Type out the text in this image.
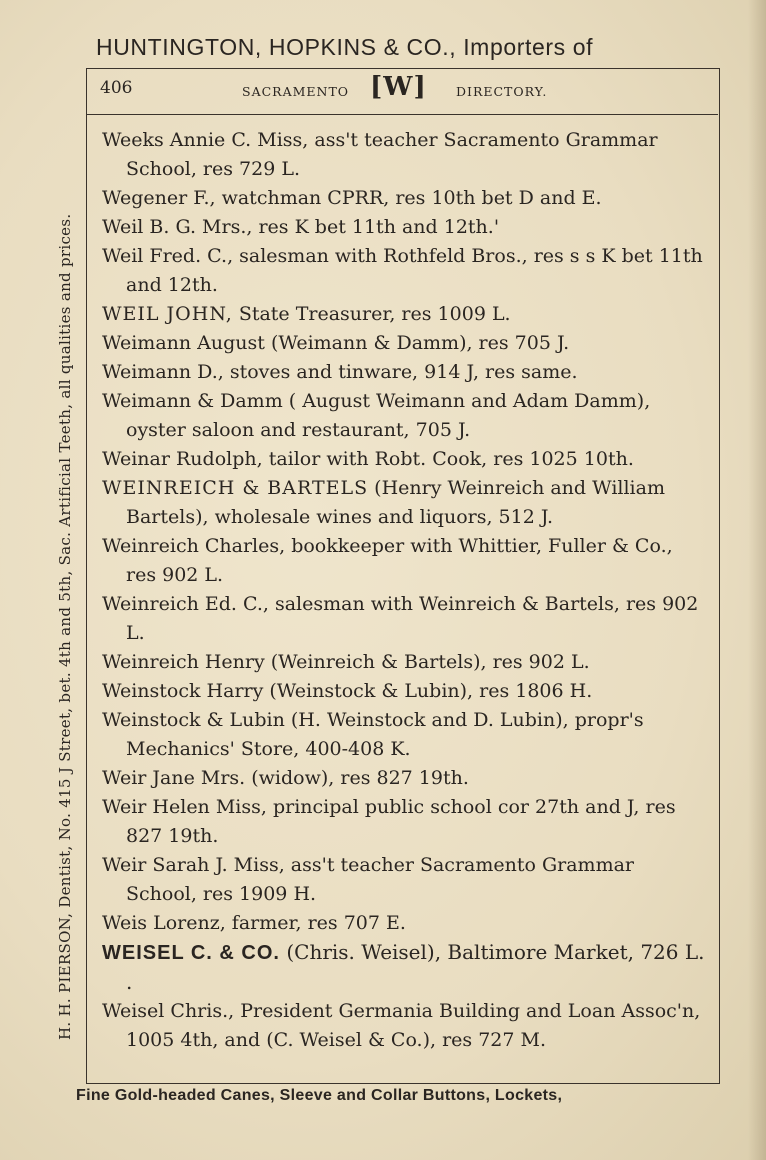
HUNTINGTON, HOPKINS & CO., Importers of
406	SACRAMENTO [W] DIRECTORY.
H. H. PIERSON, Dentist, No. 415 J Street, bet. 4th and 5th, Sac. Artificial Teeth, all qualities and prices.
Weeks Annie C. Miss, ass't teacher Sacramento Grammar School, res 729 L.
Wegener F., watchman CPRR, res 10th bet D and E.
Weil B. G. Mrs., res K bet 11th and 12th.'
Weil Fred. C., salesman with Rothfeld Bros., res s s K bet 11th and 12th.
WEIL JOHN, State Treasurer, res 1009 L.
Weimann August (Weimann & Damm), res 705 J.
Weimann D., stoves and tinware, 914 J, res same.
Weimann & Damm ( August Weimann and Adam Damm), oyster saloon and restaurant, 705 J.
Weinar Rudolph, tailor with Robt. Cook, res 1025 10th.
WEINREICH & BARTELS (Henry Weinreich and William Bartels), wholesale wines and liquors, 512 J.
Weinreich Charles, bookkeeper with Whittier, Fuller & Co., res 902 L.
Weinreich Ed. C., salesman with Weinreich & Bartels, res 902 L.
Weinreich Henry (Weinreich & Bartels), res 902 L.
Weinstock Harry (Weinstock & Lubin), res 1806 H.
Weinstock & Lubin (H. Weinstock and D. Lubin), propr's Mechanics' Store, 400-408 K.
Weir Jane Mrs. (widow), res 827 19th.
Weir Helen Miss, principal public school cor 27th and J, res 827 19th.
Weir Sarah J. Miss, ass't teacher Sacramento Grammar School, res 1909 H.
Weis Lorenz, farmer, res 707 E.
WEISEL C. & CO. (Chris. Weisel), Baltimore Market, 726 L. .
Weisel Chris., President Germania Building and Loan Assoc'n, 1005 4th, and (C. Weisel & Co.), res 727 M.
Fine Gold-headed Canes, Sleeve and Collar Buttons, Lockets,
